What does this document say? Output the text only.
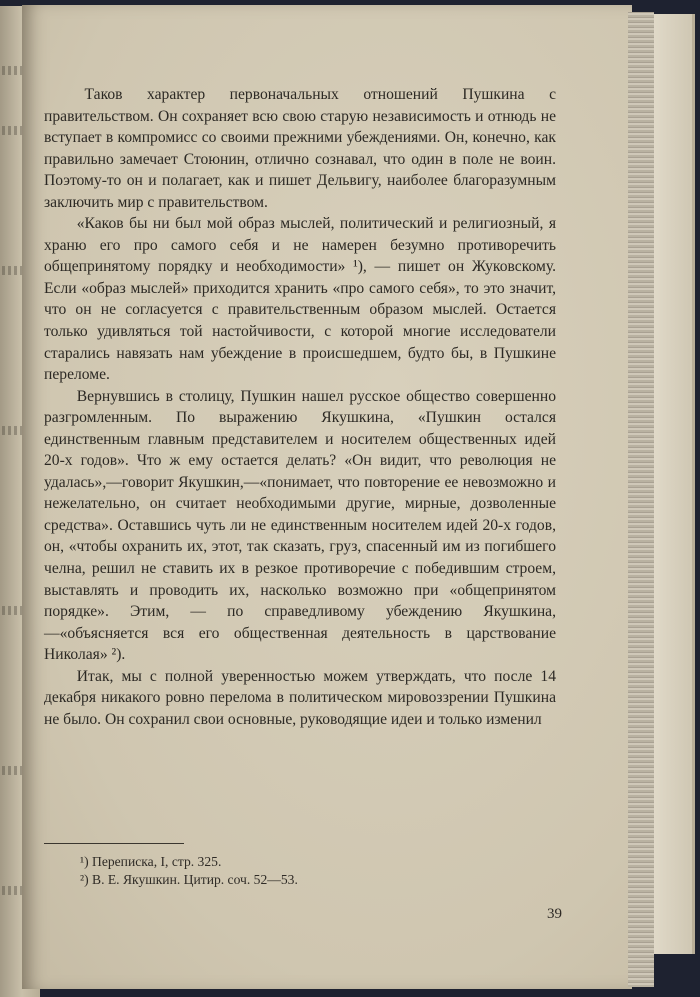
Таков характер первоначальных отношений Пушкина с правительством. Он сохраняет всю свою старую независимость и отнюдь не вступает в компромисс со своими прежними убеждениями. Он, конечно, как правильно замечает Стоюнин, отлично сознавал, что один в поле не воин. Поэтому-то он и полагает, как и пишет Дельвигу, наиболее благоразумным заключить мир с правительством.

«Каков бы ни был мой образ мыслей, политический и религиозный, я храню его про самого себя и не намерен безумно противоречить общепринятому порядку и необходимости» ¹), — пишет он Жуковскому. Если «образ мыслей» приходится хранить «про самого себя», то это значит, что он не согласуется с правительственным образом мыслей. Остается только удивляться той настойчивости, с которой многие исследователи старались навязать нам убеждение в происшедшем, будто бы, в Пушкине переломе.

Вернувшись в столицу, Пушкин нашел русское общество совершенно разгромленным. По выражению Якушкина, «Пушкин остался единственным главным представителем и носителем общественных идей 20-х годов». Что ж ему остается делать? «Он видит, что революция не удалась»,—говорит Якушкин,—«понимает, что повторение ее невозможно и нежелательно, он считает необходимыми другие, мирные, дозволенные средства». Оставшись чуть ли не единственным носителем идей 20-х годов, он, «чтобы охранить их, этот, так сказать, груз, спасенный им из погибшего челна, решил не ставить их в резкое противоречие с победившим строем, выставлять и проводить их, насколько возможно при «общепринятом порядке». Этим, — по справедливому убеждению Якушкина,—«объясняется вся его общественная деятельность в царствование Николая» ²).

Итак, мы с полной уверенностью можем утверждать, что после 14 декабря никакого ровно перелома в политическом мировоззрении Пушкина не было. Он сохранил свои основные, руководящие идеи и только изменил

¹) Переписка, I, стр. 325.
²) В. Е. Якушкин. Цитир. соч. 52—53.
39
